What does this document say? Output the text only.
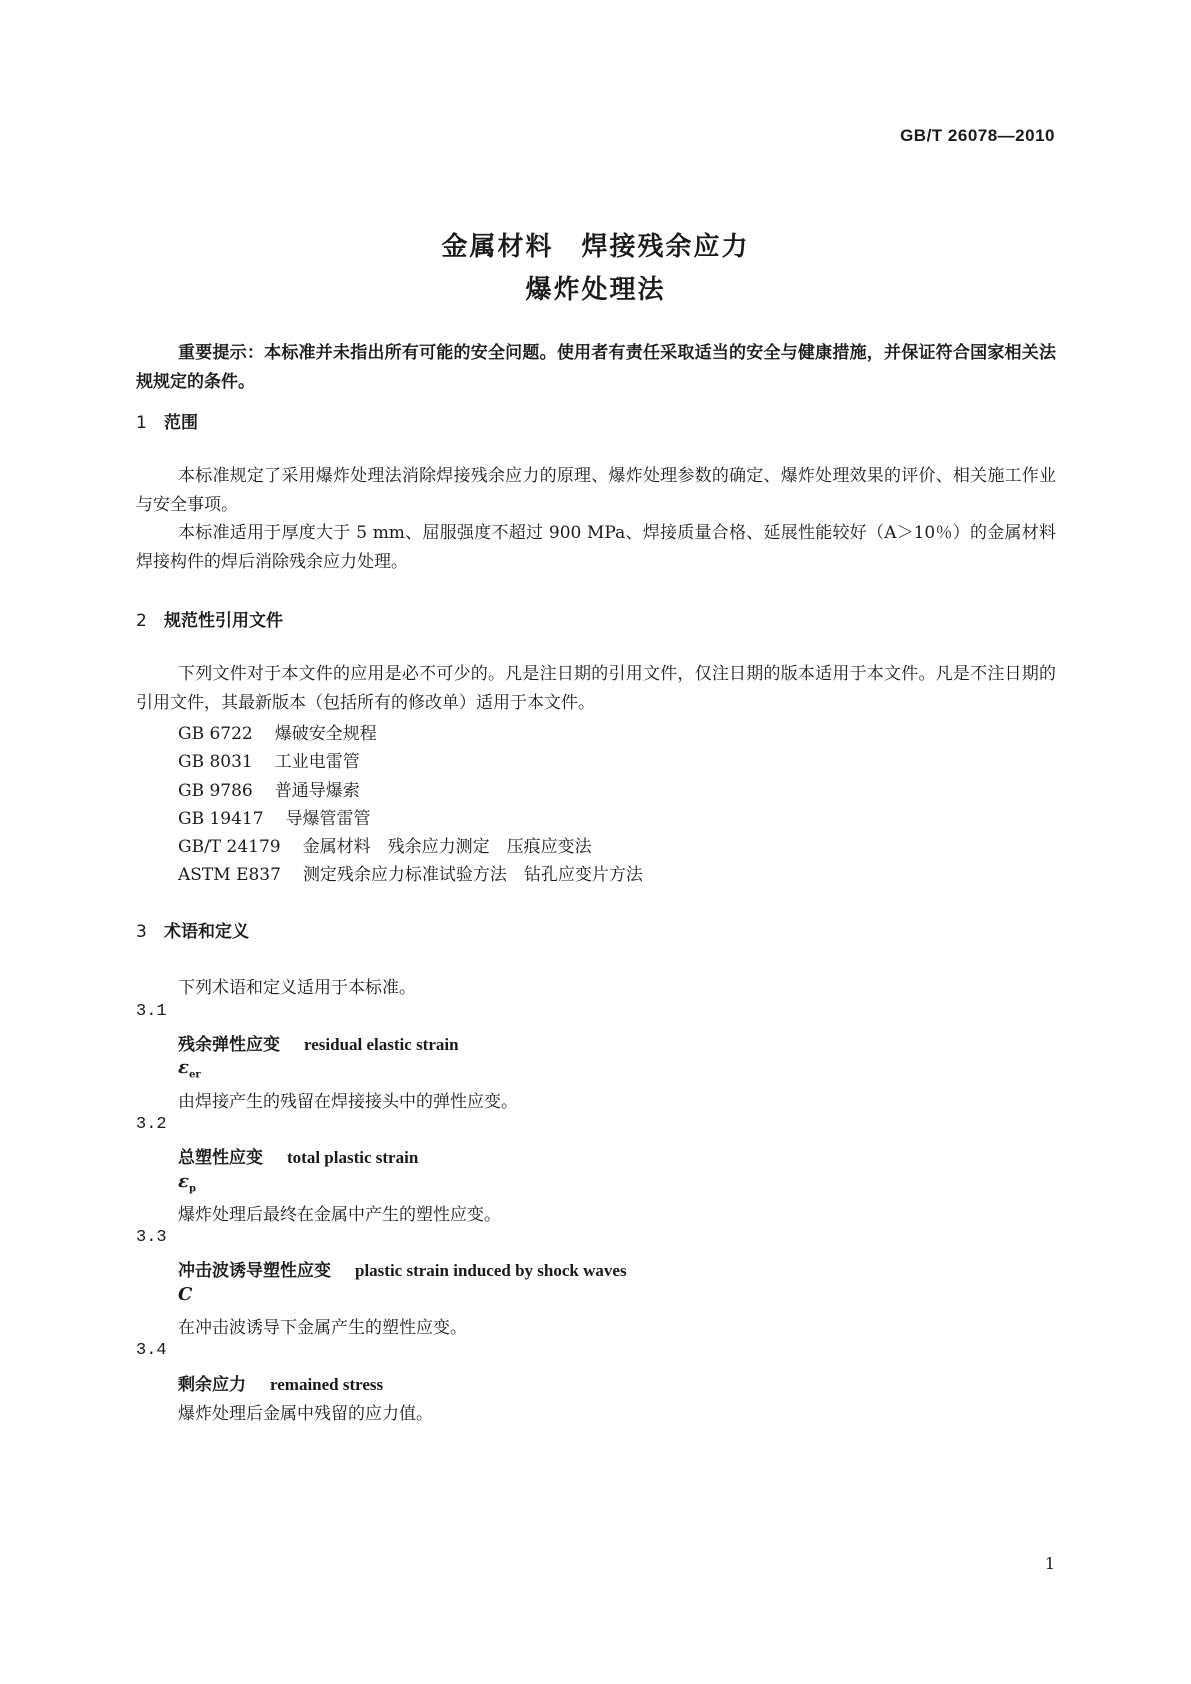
GB/T 26078—2010
金属材料　焊接残余应力
爆炸处理法
重要提示：本标准并未指出所有可能的安全问题。使用者有责任采取适当的安全与健康措施，并保证符合国家相关法规规定的条件。
1 范围
本标准规定了采用爆炸处理法消除焊接残余应力的原理、爆炸处理参数的确定、爆炸处理效果的评价、相关施工作业与安全事项。
本标准适用于厚度大于 5 mm、屈服强度不超过 900 MPa、焊接质量合格、延展性能较好（A＞10％）的金属材料焊接构件的焊后消除残余应力处理。
2 规范性引用文件
下列文件对于本文件的应用是必不可少的。凡是注日期的引用文件，仅注日期的版本适用于本文件。凡是不注日期的引用文件，其最新版本（包括所有的修改单）适用于本文件。
GB 6722 爆破安全规程
GB 8031 工业电雷管
GB 9786 普通导爆索
GB 19417 导爆管雷管
GB/T 24179 金属材料　残余应力测定　压痕应变法
ASTM E837 测定残余应力标准试验方法　钻孔应变片方法
3 术语和定义
下列术语和定义适用于本标准。
3.1
残余弹性应变 residual elastic strain
$\varepsilon_{er}$
由焊接产生的残留在焊接接头中的弹性应变。
3.2
总塑性应变 total plastic strain
$\varepsilon_p$
爆炸处理后最终在金属中产生的塑性应变。
3.3
冲击波诱导塑性应变 plastic strain induced by shock waves
C
在冲击波诱导下金属产生的塑性应变。
3.4
剩余应力 remained stress
爆炸处理后金属中残留的应力值。
1
